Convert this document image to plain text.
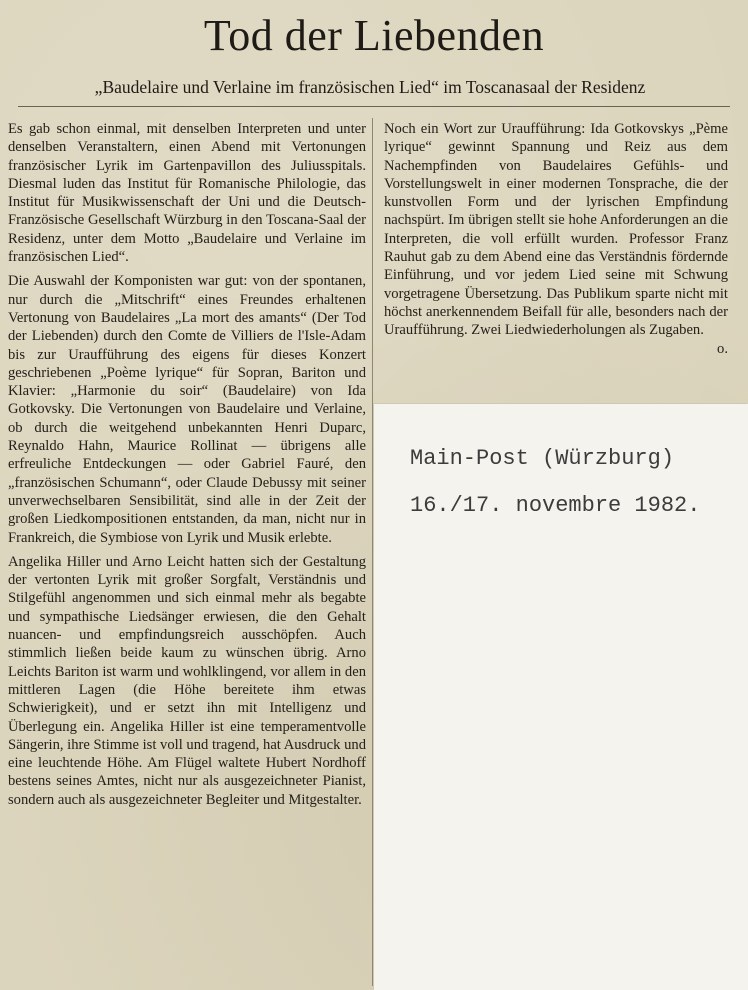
Tod der Liebenden
„Baudelaire und Verlaine im französischen Lied“ im Toscanasaal der Residenz

Es gab schon einmal, mit denselben Interpreten und unter denselben Veranstaltern, einen Abend mit Vertonungen französischer Lyrik im Gartenpavillon des Juliusspitals. Diesmal luden das Institut für Romanische Philologie, das Institut für Musikwissenschaft der Uni und die Deutsch-Französische Gesellschaft Würzburg in den Toscana-Saal der Residenz, unter dem Motto „Baudelaire und Verlaine im französischen Lied“.

Die Auswahl der Komponisten war gut: von der spontanen, nur durch die „Mitschrift“ eines Freundes erhaltenen Vertonung von Baudelaires „La mort des amants“ (Der Tod der Liebenden) durch den Comte de Villiers de l'Isle-Adam bis zur Uraufführung des eigens für dieses Konzert geschriebenen „Poème lyrique“ für Sopran, Bariton und Klavier: „Harmonie du soir“ (Baudelaire) von Ida Gotkovsky. Die Vertonungen von Baudelaire und Verlaine, ob durch die weitgehend unbekannten Henri Duparc, Reynaldo Hahn, Maurice Rollinat — übrigens alle erfreuliche Entdeckungen — oder Gabriel Fauré, den „französischen Schumann“, oder Claude Debussy mit seiner unverwechselbaren Sensibilität, sind alle in der Zeit der großen Liedkompositionen entstanden, da man, nicht nur in Frankreich, die Symbiose von Lyrik und Musik erlebte.

Angelika Hiller und Arno Leicht hatten sich der Gestaltung der vertonten Lyrik mit großer Sorgfalt, Verständnis und Stilgefühl angenommen und sich einmal mehr als begabte und sympathische Liedsänger erwiesen, die den Gehalt nuancen- und empfindungsreich ausschöpfen. Auch stimmlich ließen beide kaum zu wünschen übrig. Arno Leichts Bariton ist warm und wohlklingend, vor allem in den mittleren Lagen (die Höhe bereitete ihm etwas Schwierigkeit), und er setzt ihn mit Intelligenz und Überlegung ein. Angelika Hiller ist eine temperamentvolle Sängerin, ihre Stimme ist voll und tragend, hat Ausdruck und eine leuchtende Höhe. Am Flügel waltete Hubert Nordhoff bestens seines Amtes, nicht nur als ausgezeichneter Pianist, sondern auch als ausgezeichneter Begleiter und Mitgestalter.

Noch ein Wort zur Uraufführung: Ida Gotkovskys „Pème lyrique“ gewinnt Spannung und Reiz aus dem Nachempfinden von Baudelaires Gefühls- und Vorstellungswelt in einer modernen Tonsprache, die der kunstvollen Form und der lyrischen Empfindung nachspürt. Im übrigen stellt sie hohe Anforderungen an die Interpreten, die voll erfüllt wurden. Professor Franz Rauhut gab zu dem Abend eine das Verständnis fördernde Einführung, und vor jedem Lied seine mit Schwung vorgetragene Übersetzung. Das Publikum sparte nicht mit höchst anerkennendem Beifall für alle, besonders nach der Uraufführung. Zwei Liedwiederholungen als Zugaben.

o.

Main-Post (Würzburg)
16./17. novembre 1982.
